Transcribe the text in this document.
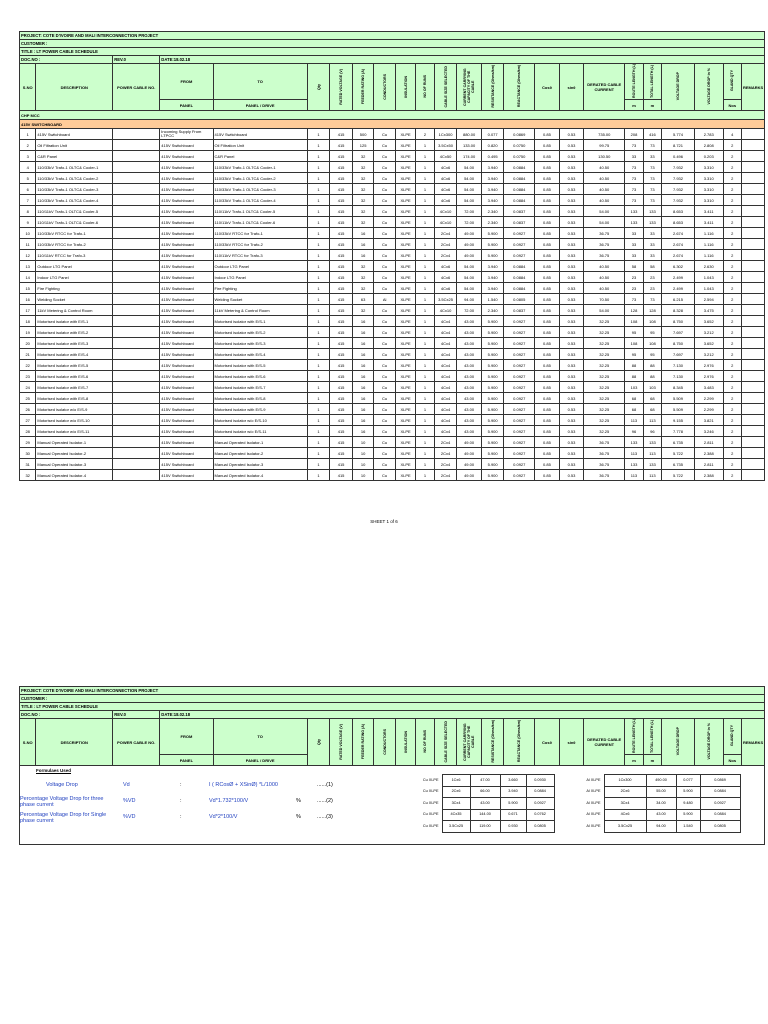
PROJECT: COTE D'IVOIRE AND MALI INTERCONNECTION PROJECT																							
CUSTOMER :																							
TITLE : LT POWER CABLE SCHEDULE																							
DOC.NO :		REV.0	DATE:18.02.18																				
S.NO	DESCRIPTION	POWER CABLE NO.	FROM	TO	Qty	RATED VOLTAGE (V)	FEEDER RATING (A)	CONDUCTORS	INSULATION	NO OF RUNS	CABLE SIZE SELECTED	CURRENT CARRYING CAPACITY OF THE CABLE	RESISTANCE (Ohms/km)	REACTANCE (Ohms/km)	Cosθ	sinθ	DERATED CABLE CURRENT	ROUTE LENGTH (L)	TOTAL LENGTH (L)	VOLTAGE DROP	VOLTAGE DROP in %	GLAND QTY	REMARKS
			PANEL	PANEL / DRIVE														m	m			Nos	
CHP MCC																							
415V SWITCHBOARD																							
1	415V Switchboard		Incoming Supply From LTPCC	415V Switchboard	1	415	500	Cu	XLPE	2	1Cx300	880.00	0.077	0.0869	0.85	0.53	735.00	208	416	5.774	2.783	4	
2	Oil Filtration Unit		415V Switchboard	Oil Filtration Unit	1	415	125	Cu	XLPE	1	3.5Cx50	133.00	0.820	0.0750	0.85	0.53	99.75	73	73	8.721	2.808	2	
3	C&R Panel		415V Switchboard	C&R Panel	1	415	32	Cu	XLPE	1	4Cx50	174.00	0.495	0.0750	0.85	0.53	130.50	33	33	0.496	0.203	2	
4	110/33kV Trafo-1 OLTC& Cooler-1		415V Switchboard	110/33kV Trafo-1 OLTC& Cooler-1	1	415	32	Cu	XLPE	1	4Cx6	54.00	3.940	0.0884	0.85	0.53	40.50	73	73	7.932	3.310	2	
5	110/33kV Trafo-1 OLTC& Cooler-2		415V Switchboard	110/33kV Trafo-1 OLTC& Cooler-2	1	415	32	Cu	XLPE	1	4Cx6	54.00	3.940	0.0884	0.85	0.53	40.50	73	73	7.932	3.310	2	
6	110/33kV Trafo-1 OLTC& Cooler-3		415V Switchboard	110/33kV Trafo-1 OLTC& Cooler-3	1	415	32	Cu	XLPE	1	4Cx6	54.00	3.940	0.0884	0.85	0.53	40.50	73	73	7.932	3.310	2	
7	110/33kV Trafo-1 OLTC& Cooler-4		415V Switchboard	110/33kV Trafo-1 OLTC& Cooler-4	1	415	32	Cu	XLPE	1	4Cx6	54.00	3.940	0.0884	0.85	0.53	40.50	73	73	7.932	3.310	2	
8	110/11kV Trafo-1 OLTC& Cooler-5		415V Switchboard	110/11kV Trafo-1 OLTC& Cooler-5	1	415	32	Cu	XLPE	1	4Cx10	72.00	2.340	0.0837	0.85	0.53	54.00	133	133	8.653	3.411	2	
9	110/11kV Trafo-1 OLTC& Cooler-6		415V Switchboard	110/11kV Trafo-1 OLTC& Cooler-6	1	415	32	Cu	XLPE	1	4Cx10	72.00	2.340	0.0837	0.85	0.53	54.00	133	133	8.653	3.411	2	
10	110/33kV RTCC for Trafo-1		415V Switchboard	110/33kV RTCC for Trafo-1	1	415	16	Cu	XLPE	1	2Cx4	49.00	5.900	0.0927	0.85	0.53	36.75	33	33	2.674	1.116	2	
11	110/33kV RTCC for Trafo-2		415V Switchboard	110/33kV RTCC for Trafo-2	1	415	16	Cu	XLPE	1	2Cx4	49.00	5.900	0.0927	0.85	0.53	36.75	33	33	2.674	1.116	2	
12	110/11kV RTCC for Trafo-3		415V Switchboard	110/11kV RTCC for Trafo-3	1	415	16	Cu	XLPE	1	2Cx4	49.00	5.900	0.0927	0.85	0.53	36.75	33	33	2.674	1.116	2	
13	Outdoor LTG Panel		415V Switchboard	Outdoor LTG Panel	1	415	32	Cu	XLPE	1	4Cx6	54.00	3.940	0.0884	0.85	0.53	40.50	58	58	6.302	2.630	2	
14	Indoor LTG Panel		415V Switchboard	Indoor LTG Panel	1	415	32	Cu	XLPE	1	4Cx6	54.00	3.940	0.0884	0.85	0.53	40.50	23	23	2.499	1.043	2	
15	Fire Fighting		415V Switchboard	Fire Fighting	1	415	32	Cu	XLPE	1	4Cx6	54.00	3.940	0.0884	0.85	0.53	40.50	23	23	2.499	1.043	2	
16	Welding Socket		415V Switchboard	Welding Socket	1	415	63	Al	XLPE	1	3.5Cx25	94.00	1.540	0.0805	0.85	0.53	70.50	73	73	6.215	2.594	2	
17	11kV Metering & Control Room		415V Switchboard	11kV Metering & Control Room	1	415	32	Cu	XLPE	1	4Cx10	72.00	2.340	0.0837	0.85	0.53	54.00	128	128	8.328	3.475	2	
18	Motorised isolator with E/S-1		415V Switchboard	Motorised isolator with E/S-1	1	415	16	Cu	XLPE	1	4Cx4	43.00	5.900	0.0927	0.85	0.53	32.25	108	108	8.750	3.652	2	
19	Motorised isolator with E/S-2		415V Switchboard	Motorised isolator with E/S-2	1	415	16	Cu	XLPE	1	4Cx4	43.00	5.900	0.0927	0.85	0.53	32.25	95	95	7.697	3.212	2	
20	Motorised isolator with E/S-3		415V Switchboard	Motorised isolator with E/S-3	1	415	16	Cu	XLPE	1	4Cx4	43.00	5.900	0.0927	0.85	0.53	32.25	108	108	8.750	3.652	2	
21	Motorised isolator with E/S-4		415V Switchboard	Motorised isolator with E/S-4	1	415	16	Cu	XLPE	1	4Cx4	43.00	5.900	0.0927	0.85	0.53	32.25	95	95	7.697	3.212	2	
22	Motorised isolator with E/S-5		415V Switchboard	Motorised isolator with E/S-5	1	415	16	Cu	XLPE	1	4Cx4	43.00	5.900	0.0927	0.85	0.53	32.25	88	88	7.130	2.976	2	
23	Motorised isolator with E/S-6		415V Switchboard	Motorised isolator with E/S-6	1	415	16	Cu	XLPE	1	4Cx4	43.00	5.900	0.0927	0.85	0.53	32.25	88	88	7.130	2.976	2	
24	Motorised isolator with E/S-7		415V Switchboard	Motorised isolator with E/S-7	1	415	16	Cu	XLPE	1	4Cx4	43.00	5.900	0.0927	0.85	0.53	32.25	103	103	8.345	3.483	2	
25	Motorised isolator with E/S-8		415V Switchboard	Motorised isolator with E/S-8	1	415	16	Cu	XLPE	1	4Cx4	43.00	5.900	0.0927	0.85	0.53	32.25	68	68	5.509	2.299	2	
26	Motorised isolator w/o E/S-9		415V Switchboard	Motorised isolator with E/S-9	1	415	16	Cu	XLPE	1	4Cx4	43.00	5.900	0.0927	0.85	0.53	32.25	68	68	5.509	2.299	2	
27	Motorised isolator w/o E/S-10		415V Switchboard	Motorised isolator w/o E/S-10	1	415	16	Cu	XLPE	1	4Cx4	43.00	5.900	0.0927	0.85	0.53	32.25	113	113	9.155	3.821	2	
28	Motorised isolator w/o E/S-11		415V Switchboard	Motorised isolator w/o E/S-11	1	415	16	Cu	XLPE	1	4Cx4	43.00	5.900	0.0927	0.85	0.53	32.25	96	96	7.778	3.246	2	
29	Manual Operated Isolator-1		415V Switchboard	Manual Operated Isolator-1	1	415	10	Cu	XLPE	1	2Cx4	49.00	5.900	0.0927	0.85	0.53	36.75	133	133	6.735	2.811	2	
30	Manual Operated Isolator-2		415V Switchboard	Manual Operated Isolator-2	1	415	10	Cu	XLPE	1	2Cx4	49.00	5.900	0.0927	0.85	0.53	36.75	113	113	5.722	2.388	2	
31	Manual Operated Isolator-3		415V Switchboard	Manual Operated Isolator-3	1	415	10	Cu	XLPE	1	2Cx4	49.00	5.900	0.0927	0.85	0.53	36.75	133	133	6.735	2.811	2	
32	Manual Operated Isolator-4		415V Switchboard	Manual Operated Isolator-4	1	415	10	Cu	XLPE	1	2Cx4	49.00	5.900	0.0927	0.85	0.53	36.75	113	113	5.722	2.388	2	
SHEET 1 of 6
PROJECT: COTE D'IVOIRE AND MALI INTERCONNECTION PROJECT																							
CUSTOMER :																							
TITLE : LT POWER CABLE SCHEDULE																							
DOC.NO :		REV.0	DATE:18.02.18																				
S.NO	DESCRIPTION	POWER CABLE NO.	FROM	TO	Qty	RATED VOLTAGE (V)	FEEDER RATING (A)	CONDUCTORS	INSULATION	NO OF RUNS	CABLE SIZE SELECTED	CURRENT CARRYING CAPACITY OF THE CABLE	RESISTANCE (Ohms/km)	REACTANCE (Ohms/km)	Cosθ	sinθ	DERATED CABLE CURRENT	ROUTE LENGTH (L)	TOTAL LENGTH (L)	VOLTAGE DROP	VOLTAGE DROP in %	GLAND QTY	REMARKS
			PANEL	PANEL / DRIVE														m	m			Nos	
Formulaes Used
Voltage Drop	Vd	:	I ( RCosØ + XSinØ) *L/1000	......(1)
Percentage Voltage Drop for three phase current
%VD	:	Vd*1.732*100/V	%	......(2)
Percentage Voltage Drop for Single phase current
%VD	:	Vd*2*100/V	%	......(3)
Cu XLPE	1Cx6	47.00	3.660	0.0930
Cu XLPE	2Cx6	66.00	3.940	0.0884
Cu XLPE	3Cx4	43.00	5.900	0.0927
Cu XLPE	4Cx35	144.00	0.671	0.0762
Cu XLPE	3.5Cx25	119.00	0.930	0.0805
Al XLPE	1Cx300	490.00	0.077	0.0869
Al XLPE	2Cx6	55.00	5.900	0.0884
Al XLPE	3Cx4	34.00	9.480	0.0927
Al XLPE	4Cx6	43.00	5.900	0.0884
Al XLPE	3.5Cx25	94.00	1.540	0.0805
